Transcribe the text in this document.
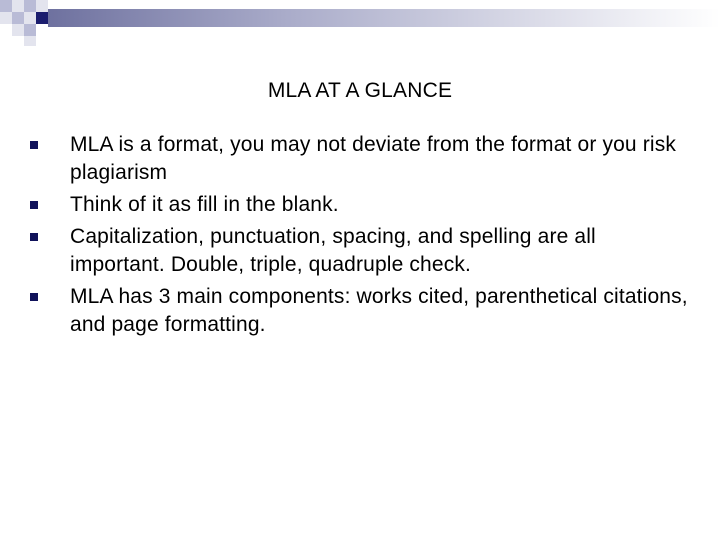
MLA AT A GLANCE
MLA is a format, you may not deviate from the format or you risk plagiarism
Think of it as fill in the blank.
Capitalization, punctuation, spacing, and spelling are all important. Double, triple, quadruple check.
MLA has 3 main components: works cited, parenthetical citations, and page formatting.
